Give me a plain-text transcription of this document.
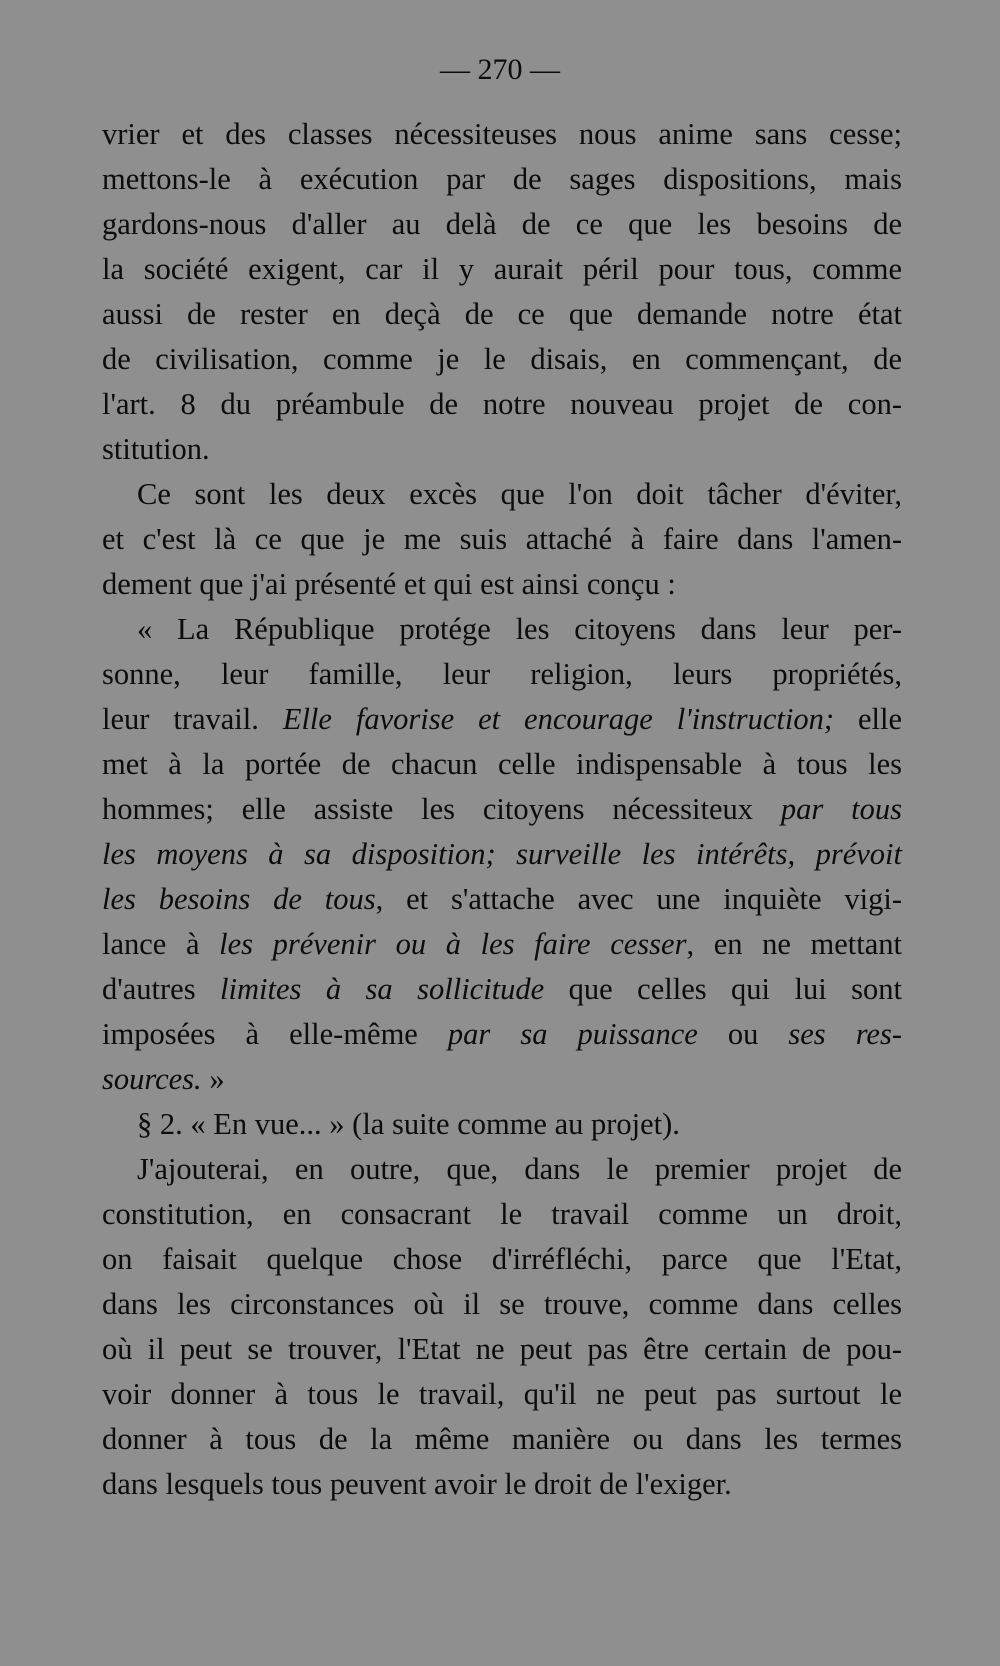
— 270 —
vrier et des classes nécessiteuses nous anime sans cesse;
mettons-le à exécution par de sages dispositions, mais
gardons-nous d'aller au delà de ce que les besoins de
la société exigent, car il y aurait péril pour tous, comme
aussi de rester en deçà de ce que demande notre état
de civilisation, comme je le disais, en commençant, de
l'art. 8 du préambule de notre nouveau projet de con-
stitution.
Ce sont les deux excès que l'on doit tâcher d'éviter,
et c'est là ce que je me suis attaché à faire dans l'amen-
dement que j'ai présenté et qui est ainsi conçu :
« La République protége les citoyens dans leur per-
sonne, leur famille, leur religion, leurs propriétés,
leur travail. Elle favorise et encourage l'instruction; elle
met à la portée de chacun celle indispensable à tous les
hommes; elle assiste les citoyens nécessiteux par tous
les moyens à sa disposition; surveille les intérêts, prévoit
les besoins de tous, et s'attache avec une inquiète vigi-
lance à les prévenir ou à les faire cesser, en ne mettant
d'autres limites à sa sollicitude que celles qui lui sont
imposées à elle-même par sa puissance ou ses res-
sources. »
§ 2. « En vue... » (la suite comme au projet).
J'ajouterai, en outre, que, dans le premier projet de
constitution, en consacrant le travail comme un droit,
on faisait quelque chose d'irréfléchi, parce que l'Etat,
dans les circonstances où il se trouve, comme dans celles
où il peut se trouver, l'Etat ne peut pas être certain de pou-
voir donner à tous le travail, qu'il ne peut pas surtout le
donner à tous de la même manière ou dans les termes
dans lesquels tous peuvent avoir le droit de l'exiger.
